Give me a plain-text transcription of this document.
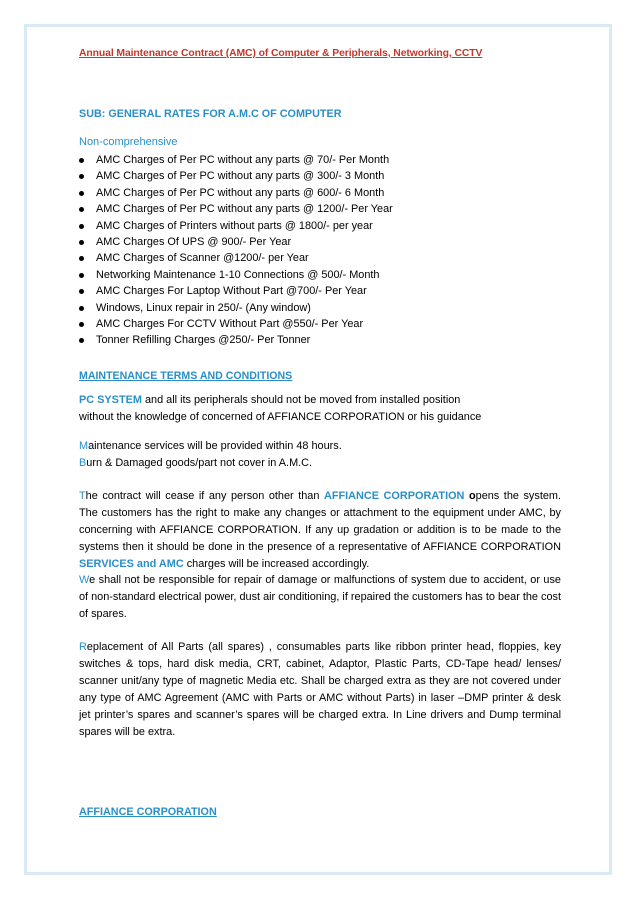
Annual Maintenance Contract (AMC) of Computer & Peripherals, Networking, CCTV

SUB: GENERAL RATES FOR A.M.C OF COMPUTER

Non-comprehensive

AMC Charges of Per PC without any parts @ 70/- Per Month
AMC Charges of Per PC without any parts @ 300/- 3 Month
AMC Charges of Per PC without any parts @ 600/- 6 Month
AMC Charges of Per PC without any parts @ 1200/- Per Year
AMC Charges of Printers without parts @ 1800/- per year
AMC Charges Of UPS @ 900/- Per Year
AMC Charges of Scanner @1200/- per Year
Networking Maintenance 1-10 Connections @ 500/- Month
AMC Charges For Laptop Without Part @700/- Per Year
Windows, Linux repair in 250/- (Any window)
AMC Charges For CCTV Without Part @550/- Per Year
Tonner Refilling Charges @250/- Per Tonner

MAINTENANCE TERMS AND CONDITIONS

PC SYSTEM and all its peripherals should not be moved from installed position
without the knowledge of concerned of AFFIANCE CORPORATION or his guidance

Maintenance services will be provided within 48 hours.
Burn & Damaged goods/part not cover in A.M.C.

The contract will cease if any person other than AFFIANCE CORPORATION opens the system. The customers has the right to make any changes or attachment to the equipment under AMC, by concerning with AFFIANCE CORPORATION. If any up gradation or addition is to be made to the systems then it should be done in the presence of a representative of AFFIANCE CORPORATION SERVICES and AMC charges will be increased accordingly.

We shall not be responsible for repair of damage or malfunctions of system due to accident, or use of non-standard electrical power, dust air conditioning, if repaired the customers has to bear the cost of spares.

Replacement of All Parts (all spares) , consumables parts like ribbon printer head, floppies, key switches & tops, hard disk media, CRT, cabinet, Adaptor, Plastic Parts, CD-Tape head/ lenses/ scanner unit/any type of magnetic Media etc. Shall be charged extra as they are not covered under any type of AMC Agreement (AMC with Parts or AMC without Parts) in laser –DMP printer & desk jet printer’s spares and scanner’s spares will be charged extra. In Line drivers and Dump terminal spares will be extra.

AFFIANCE CORPORATION
